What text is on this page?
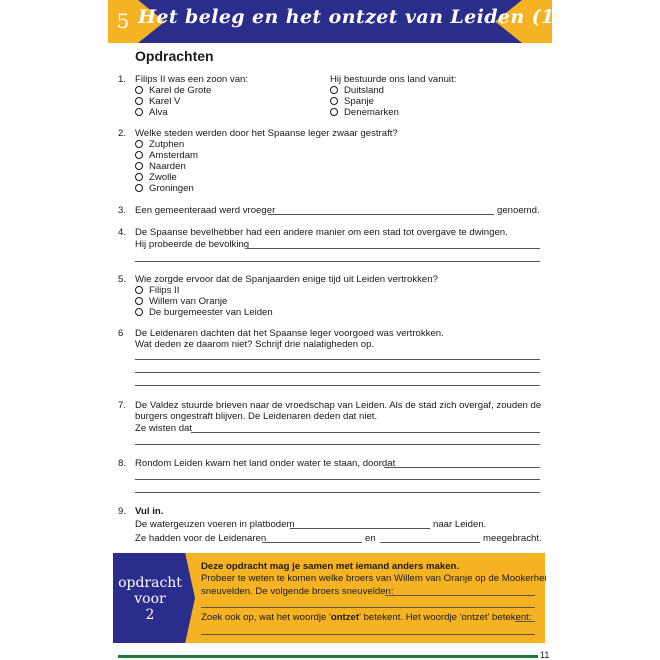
5 Het beleg en het ontzet van Leiden (1574)
Opdrachten
1. Filips II was een zoon van:
Karel de Grote
Karel V
Alva
Hij bestuurde ons land vanuit:
Duitsland
Spanje
Denemarken
2. Welke steden werden door het Spaanse leger zwaar gestraft?
Zutphen
Amsterdam
Naarden
Zwolle
Groningen
3. Een gemeenteraad werd vroeger	genoemd.
4. De Spaanse bevelhebber had een andere manier om een stad tot overgave te dwingen.
Hij probeerde de bevolking
5. Wie zorgde ervoor dat de Spanjaarden enige tijd uit Leiden vertrokken?
Filips II
Willem van Oranje
De burgemeester van Leiden
6 De Leidenaren dachten dat het Spaanse leger voorgoed was vertrokken.
Wat deden ze daarom niet? Schrijf drie nalatigheden op.
7. De Valdez stuurde brieven naar de vroedschap van Leiden. Als de stad zich overgaf, zouden de
burgers ongestraft blijven. De Leidenaren deden dat niet.
Ze wisten dat
8. Rondom Leiden kwam het land onder water te staan, doordat
9. Vul in.
De watergeuzen voeren in platbodem	naar Leiden.
Ze hadden voor de Leidenaren	en	meegebracht.
opdracht
voor
2
Deze opdracht mag je samen met iemand anders maken.
Probeer te weten te komen welke broers van Willem van Oranje op de Mookerhei
sneuvelden. De volgende broers sneuvelden:
Zoek ook op, wat het woordje 'ontzet' betekent. Het woordje 'ontzet' betekent:
11
